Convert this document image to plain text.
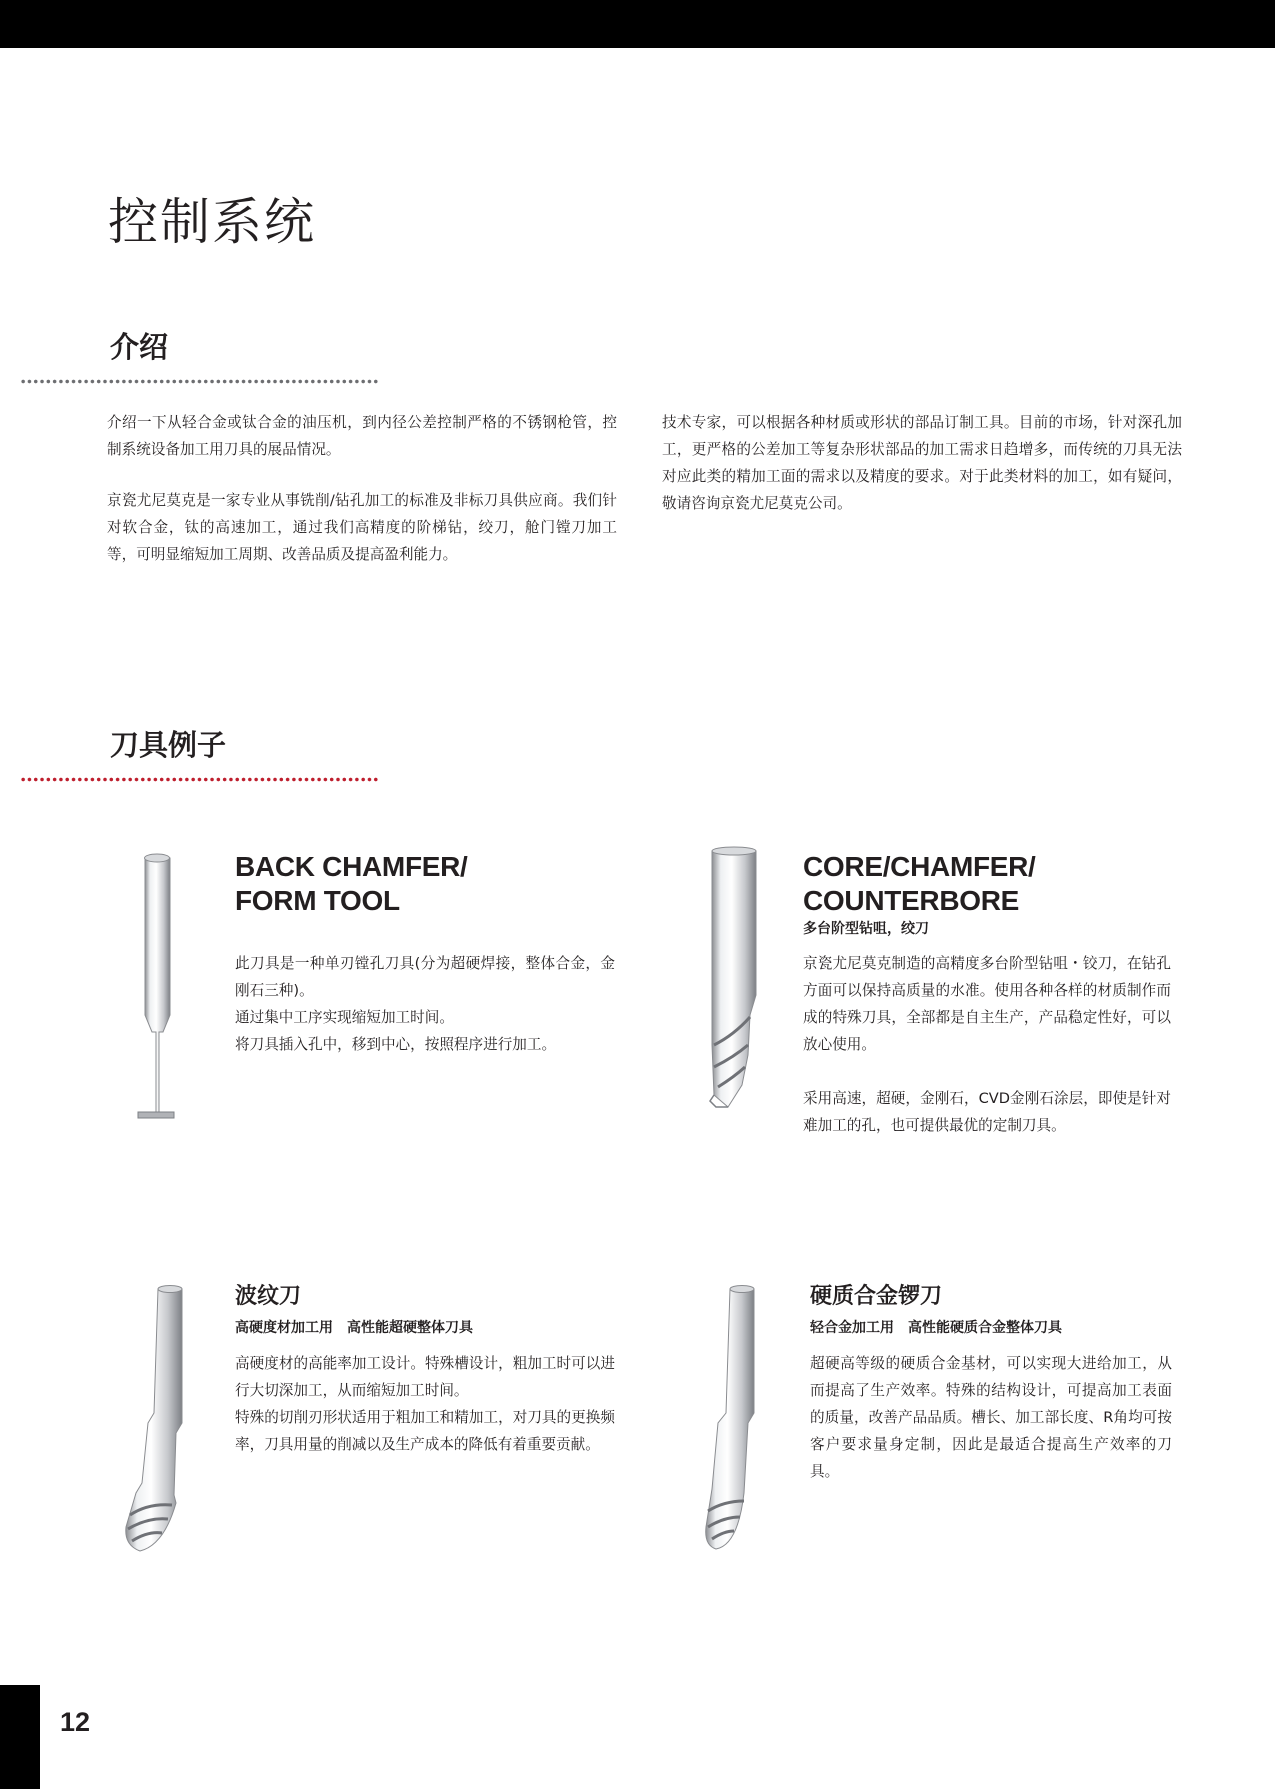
控制系统
介绍

介绍一下从轻合金或钛合金的油压机，到内径公差控制严格的不锈钢枪管，控制系统设备加工用刀具的展品情况。

京瓷尤尼莫克是一家专业从事铣削/钻孔加工的标准及非标刀具供应商。我们针对软合金，钛的高速加工，通过我们高精度的阶梯钻，绞刀，舱门镗刀加工等，可明显缩短加工周期、改善品质及提高盈利能力。

技术专家，可以根据各种材质或形状的部品订制工具。目前的市场，针对深孔加工，更严格的公差加工等复杂形状部品的加工需求日趋增多，而传统的刀具无法对应此类的精加工面的需求以及精度的要求。对于此类材料的加工，如有疑问，敬请咨询京瓷尤尼莫克公司。

刀具例子
BACK CHAMFER/
FORM TOOL

此刀具是一种单刃镗孔刀具(分为超硬焊接，整体合金，金刚石三种)。
通过集中工序实现缩短加工时间。
将刀具插入孔中，移到中心，按照程序进行加工。

CORE/CHAMFER/
COUNTERBORE

多台阶型钻咀，绞刀

京瓷尤尼莫克制造的高精度多台阶型钻咀・铰刀，在钻孔方面可以保持高质量的水准。使用各种各样的材质制作而成的特殊刀具，全部都是自主生产，产品稳定性好，可以放心使用。

采用高速，超硬，金刚石，CVD金刚石涂层，即使是针对难加工的孔，也可提供最优的定制刀具。

波纹刀

高硬度材加工用　高性能超硬整体刀具

高硬度材的高能率加工设计。特殊槽设计，粗加工时可以进行大切深加工，从而缩短加工时间。
特殊的切削刃形状适用于粗加工和精加工，对刀具的更换频率，刀具用量的削减以及生产成本的降低有着重要贡献。

硬质合金锣刀

轻合金加工用　高性能硬质合金整体刀具

超硬高等级的硬质合金基材，可以实现大进给加工，从而提高了生产效率。特殊的结构设计，可提高加工表面的质量，改善产品品质。槽长、加工部长度、R角均可按客户要求量身定制，因此是最适合提高生产效率的刀具。

12
